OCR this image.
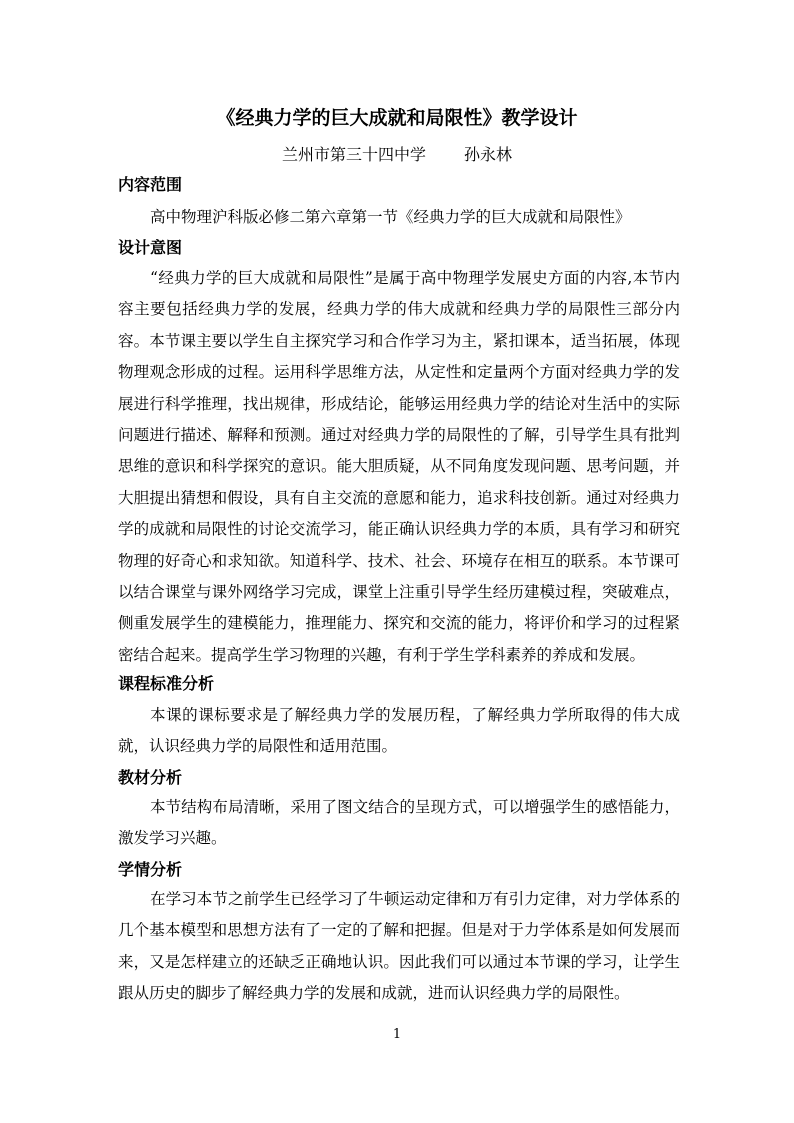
《经典力学的巨大成就和局限性》教学设计
兰州市第三十四中学 孙永林
内容范围

高中物理沪科版必修二第六章第一节《经典力学的巨大成就和局限性》

设计意图

“经典力学的巨大成就和局限性”是属于高中物理学发展史方面的内容,本节内容主要包括经典力学的发展，经典力学的伟大成就和经典力学的局限性三部分内容。本节课主要以学生自主探究学习和合作学习为主，紧扣课本，适当拓展，体现物理观念形成的过程。运用科学思维方法，从定性和定量两个方面对经典力学的发展进行科学推理，找出规律，形成结论，能够运用经典力学的结论对生活中的实际问题进行描述、解释和预测。通过对经典力学的局限性的了解，引导学生具有批判思维的意识和科学探究的意识。能大胆质疑，从不同角度发现问题、思考问题，并大胆提出猜想和假设，具有自主交流的意愿和能力，追求科技创新。通过对经典力学的成就和局限性的讨论交流学习，能正确认识经典力学的本质，具有学习和研究物理的好奇心和求知欲。知道科学、技术、社会、环境存在相互的联系。本节课可以结合课堂与课外网络学习完成，课堂上注重引导学生经历建模过程，突破难点，侧重发展学生的建模能力，推理能力、探究和交流的能力，将评价和学习的过程紧密结合起来。提高学生学习物理的兴趣，有利于学生学科素养的养成和发展。

课程标准分析

本课的课标要求是了解经典力学的发展历程，了解经典力学所取得的伟大成就，认识经典力学的局限性和适用范围。

教材分析

本节结构布局清晰，采用了图文结合的呈现方式，可以增强学生的感悟能力，激发学习兴趣。

学情分析

在学习本节之前学生已经学习了牛顿运动定律和万有引力定律，对力学体系的几个基本模型和思想方法有了一定的了解和把握。但是对于力学体系是如何发展而来，又是怎样建立的还缺乏正确地认识。因此我们可以通过本节课的学习，让学生跟从历史的脚步了解经典力学的发展和成就，进而认识经典力学的局限性。

1
